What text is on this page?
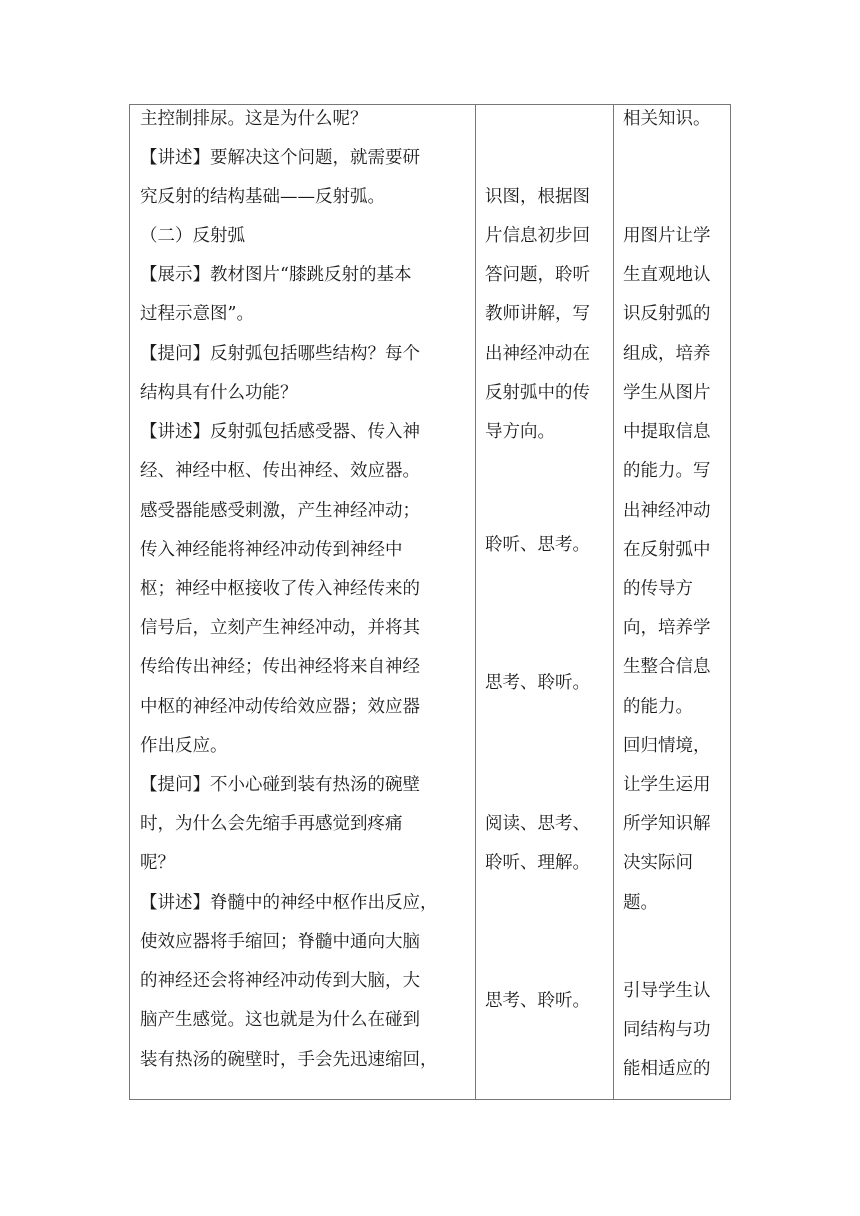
主控制排尿。这是为什么呢？
【讲述】要解决这个问题，就需要研
究反射的结构基础——反射弧。
（二）反射弧
【展示】教材图片“膝跳反射的基本
过程示意图”。
【提问】反射弧包括哪些结构？每个
结构具有什么功能？
【讲述】反射弧包括感受器、传入神
经、神经中枢、传出神经、效应器。
感受器能感受刺激，产生神经冲动；
传入神经能将神经冲动传到神经中
枢；神经中枢接收了传入神经传来的
信号后，立刻产生神经冲动，并将其
传给传出神经；传出神经将来自神经
中枢的神经冲动传给效应器；效应器
作出反应。
【提问】不小心碰到装有热汤的碗壁
时，为什么会先缩手再感觉到疼痛
呢？
【讲述】脊髓中的神经中枢作出反应，
使效应器将手缩回；脊髓中通向大脑
的神经还会将神经冲动传到大脑，大
脑产生感觉。这也就是为什么在碰到
装有热汤的碗壁时，手会先迅速缩回，
识图，根据图
片信息初步回
答问题，聆听
教师讲解，写
出神经冲动在
反射弧中的传
导方向。
聆听、思考。
思考、聆听。
阅读、思考、
聆听、理解。
思考、聆听。
相关知识。
用图片让学
生直观地认
识反射弧的
组成，培养
学生从图片
中提取信息
的能力。写
出神经冲动
在反射弧中
的传导方
向，培养学
生整合信息
的能力。
回归情境，
让学生运用
所学知识解
决实际问
题。
引导学生认
同结构与功
能相适应的
